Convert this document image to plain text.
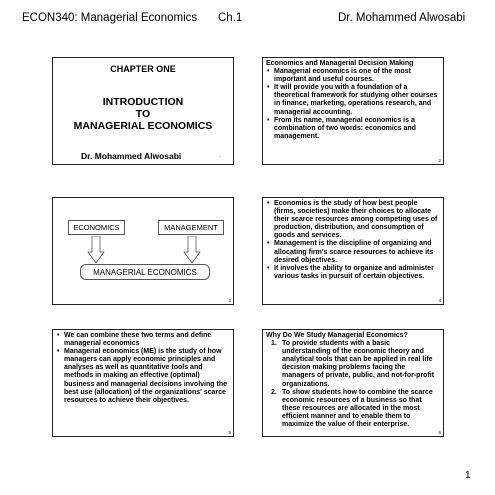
ECON340: Managerial Economics Ch.1	Dr. Mohammed Alwosabi
CHAPTER ONE
INTRODUCTION
TO
MANAGERIAL ECONOMICS
Dr. Mohammed Alwosabi	.
Economics and Managerial Decision Making
• Managerial economics is one of the most important and useful courses.
• It will provide you with a foundation of a theoretical framework for studying other courses in finance, marketing, operations research, and managerial accounting.
• From its name, managerial economics is a combination of two words: economics and management.
2
ECONOMICS	MANAGEMENT
MANAGERIAL ECONOMICS
3
• Economics is the study of how best people (firms, societies) make their choices to allocate their scarce resources among competing uses of production, distribution, and consumption of goods and services.
• Management is the discipline of organizing and allocating firm's scarce resources to achieve its desired objectives.
• It involves the ability to organize and administer various tasks in pursuit of certain objectives.
4
• We can combine these two terms and define managerial economics
• Managerial economics (ME) is the study of how managers can apply economic principles and analyses as well as quantitative tools and methods in making an effective (optimal) business and managerial decisions involving the best use (allocation) of the organizations' scarce resources to achieve their objectives.
5
Why Do We Study Managerial Economics?
1. To provide students with a basic understanding of the economic theory and analytical tools that can be applied in real life decision making problems facing the managers of private, public, and not-for-profit organizations.
2. To show students how to combine the scarce economic resources of a business so that these resources are allocated in the most efficient manner and to enable them to maximize the value of their enterprise.
6
1
